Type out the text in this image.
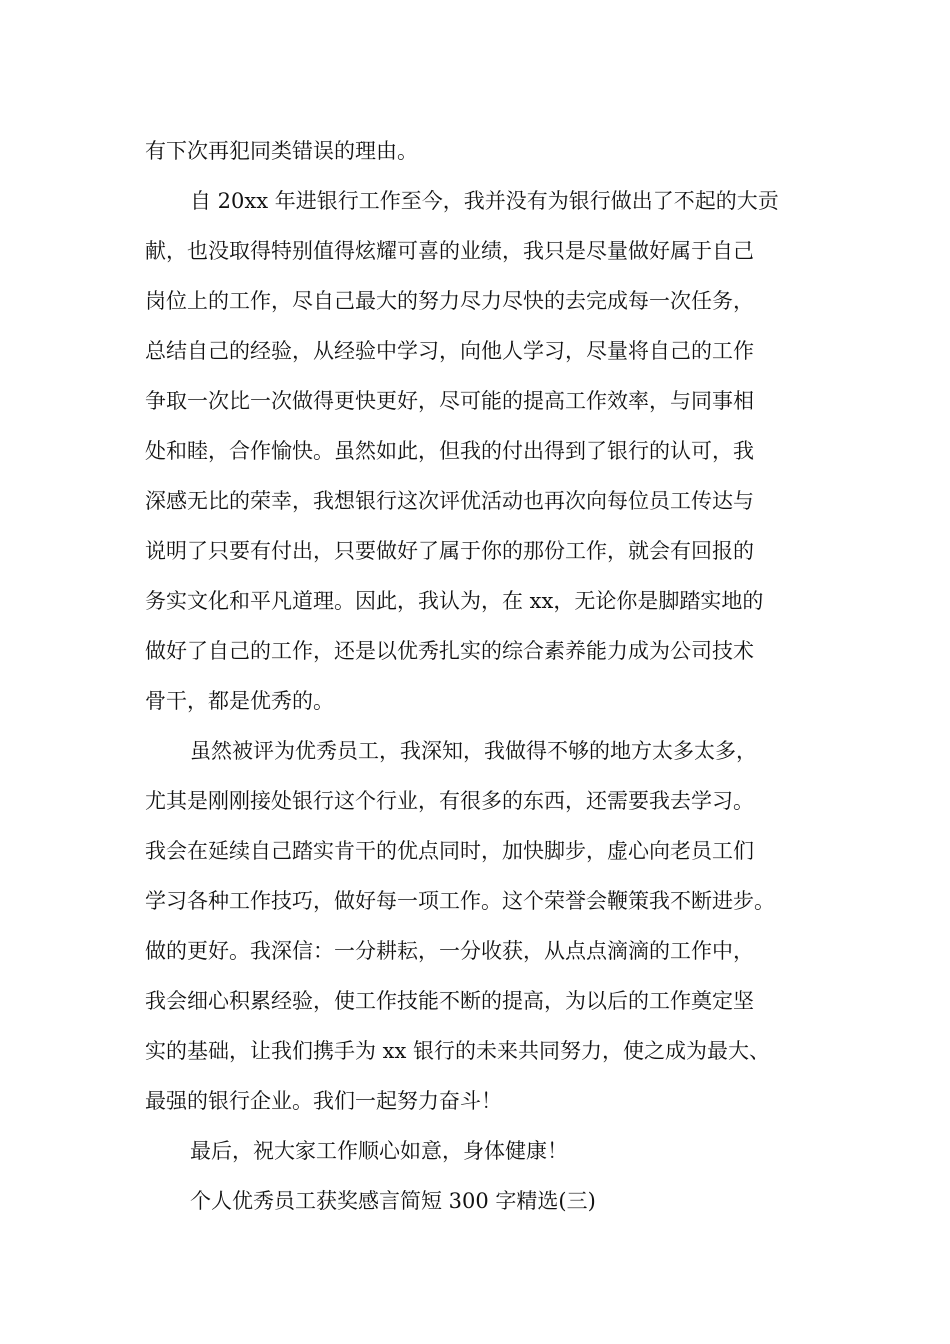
有下次再犯同类错误的理由。
自 20xx 年进银行工作至今，我并没有为银行做出了不起的大贡
献，也没取得特别值得炫耀可喜的业绩，我只是尽量做好属于自己
岗位上的工作，尽自己最大的努力尽力尽快的去完成每一次任务，
总结自己的经验，从经验中学习，向他人学习，尽量将自己的工作
争取一次比一次做得更快更好，尽可能的提高工作效率，与同事相
处和睦，合作愉快。虽然如此，但我的付出得到了银行的认可，我
深感无比的荣幸，我想银行这次评优活动也再次向每位员工传达与
说明了只要有付出，只要做好了属于你的那份工作，就会有回报的
务实文化和平凡道理。因此，我认为，在 xx，无论你是脚踏实地的
做好了自己的工作，还是以优秀扎实的综合素养能力成为公司技术
骨干，都是优秀的。
虽然被评为优秀员工，我深知，我做得不够的地方太多太多，
尤其是刚刚接处银行这个行业，有很多的东西，还需要我去学习。
我会在延续自己踏实肯干的优点同时，加快脚步，虚心向老员工们
学习各种工作技巧，做好每一项工作。这个荣誉会鞭策我不断进步。
做的更好。我深信：一分耕耘，一分收获，从点点滴滴的工作中，
我会细心积累经验，使工作技能不断的提高，为以后的工作奠定坚
实的基础，让我们携手为 xx 银行的未来共同努力，使之成为最大、
最强的银行企业。我们一起努力奋斗！
最后，祝大家工作顺心如意，身体健康！
个人优秀员工获奖感言简短 300 字精选(三)
